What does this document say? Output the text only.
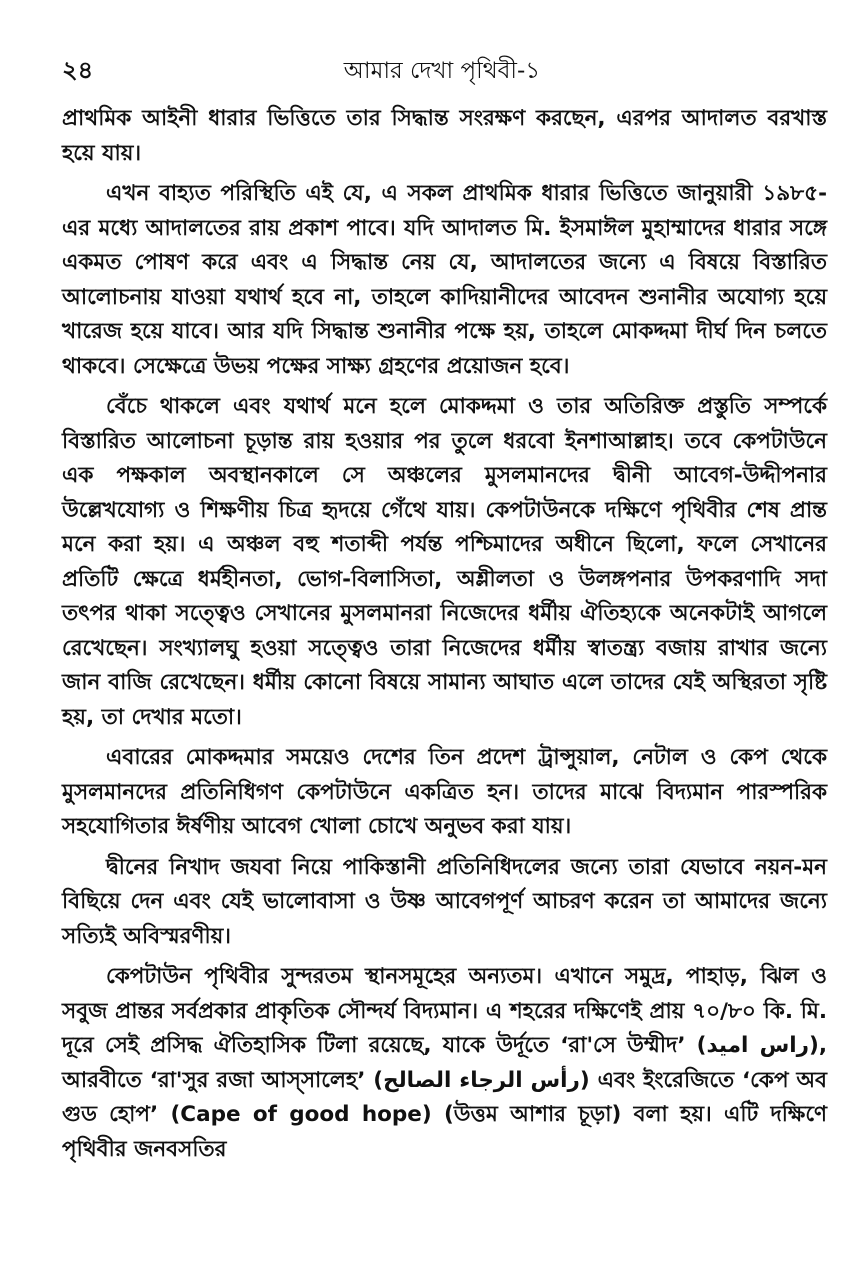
২৪	আমার দেখা পৃথিবী-১

প্রাথমিক আইনী ধারার ভিত্তিতে তার সিদ্ধান্ত সংরক্ষণ করছেন, এরপর আদালত বরখাস্ত হয়ে যায়।

এখন বাহ্যত পরিস্থিতি এই যে, এ সকল প্রাথমিক ধারার ভিত্তিতে জানুয়ারী ১৯৮৫-এর মধ্যে আদালতের রায় প্রকাশ পাবে। যদি আদালত মি. ইসমাঈল মুহাম্মাদের ধারার সঙ্গে একমত পোষণ করে এবং এ সিদ্ধান্ত নেয় যে, আদালতের জন্যে এ বিষয়ে বিস্তারিত আলোচনায় যাওয়া যথার্থ হবে না, তাহলে কাদিয়ানীদের আবেদন শুনানীর অযোগ্য হয়ে খারেজ হয়ে যাবে। আর যদি সিদ্ধান্ত শুনানীর পক্ষে হয়, তাহলে মোকদ্দমা দীর্ঘ দিন চলতে থাকবে। সেক্ষেত্রে উভয় পক্ষের সাক্ষ্য গ্রহণের প্রয়োজন হবে।

বেঁচে থাকলে এবং যথার্থ মনে হলে মোকদ্দমা ও তার অতিরিক্ত প্রস্তুতি সম্পর্কে বিস্তারিত আলোচনা চূড়ান্ত রায় হওয়ার পর তুলে ধরবো ইনশাআল্লাহ। তবে কেপটাউনে এক পক্ষকাল অবস্থানকালে সে অঞ্চলের মুসলমানদের দ্বীনী আবেগ-উদ্দীপনার উল্লেখযোগ্য ও শিক্ষণীয় চিত্র হৃদয়ে গেঁথে যায়। কেপটাউনকে দক্ষিণে পৃথিবীর শেষ প্রান্ত মনে করা হয়। এ অঞ্চল বহু শতাব্দী পর্যন্ত পশ্চিমাদের অধীনে ছিলো, ফলে সেখানের প্রতিটি ক্ষেত্রে ধর্মহীনতা, ভোগ-বিলাসিতা, অশ্লীলতা ও উলঙ্গপনার উপকরণাদি সদা তৎপর থাকা সত্ত্বেও সেখানের মুসলমানরা নিজেদের ধর্মীয় ঐতিহ্যকে অনেকটাই আগলে রেখেছেন। সংখ্যালঘু হওয়া সত্ত্বেও তারা নিজেদের ধর্মীয় স্বাতন্ত্র্য বজায় রাখার জন্যে জান বাজি রেখেছেন। ধর্মীয় কোনো বিষয়ে সামান্য আঘাত এলে তাদের যেই অস্থিরতা সৃষ্টি হয়, তা দেখার মতো।

এবারের মোকদ্দমার সময়েও দেশের তিন প্রদেশ ট্রান্সুয়াল, নেটাল ও কেপ থেকে মুসলমানদের প্রতিনিধিগণ কেপটাউনে একত্রিত হন। তাদের মাঝে বিদ্যমান পারস্পরিক সহযোগিতার ঈর্ষণীয় আবেগ খোলা চোখে অনুভব করা যায়।

দ্বীনের নিখাদ জযবা নিয়ে পাকিস্তানী প্রতিনিধিদলের জন্যে তারা যেভাবে নয়ন-মন বিছিয়ে দেন এবং যেই ভালোবাসা ও উষ্ণ আবেগপূর্ণ আচরণ করেন তা আমাদের জন্যে সত্যিই অবিস্মরণীয়।

কেপটাউন পৃথিবীর সুন্দরতম স্থানসমূহের অন্যতম। এখানে সমুদ্র, পাহাড়, ঝিল ও সবুজ প্রান্তর সর্বপ্রকার প্রাকৃতিক সৌন্দর্য বিদ্যমান। এ শহরের দক্ষিণেই প্রায় ৭০/৮০ কি. মি. দূরে সেই প্রসিদ্ধ ঐতিহাসিক টিলা রয়েছে, যাকে উর্দূতে ‘রা'সে উম্মীদ’ (راس امید), আরবীতে ‘রা'সুর রজা আস্সালেহ’ (رأس الرجاء الصالح) এবং ইংরেজিতে ‘কেপ অব গুড হোপ’ (Cape of good hope) (উত্তম আশার চূড়া) বলা হয়। এটি দক্ষিণে পৃথিবীর জনবসতির
